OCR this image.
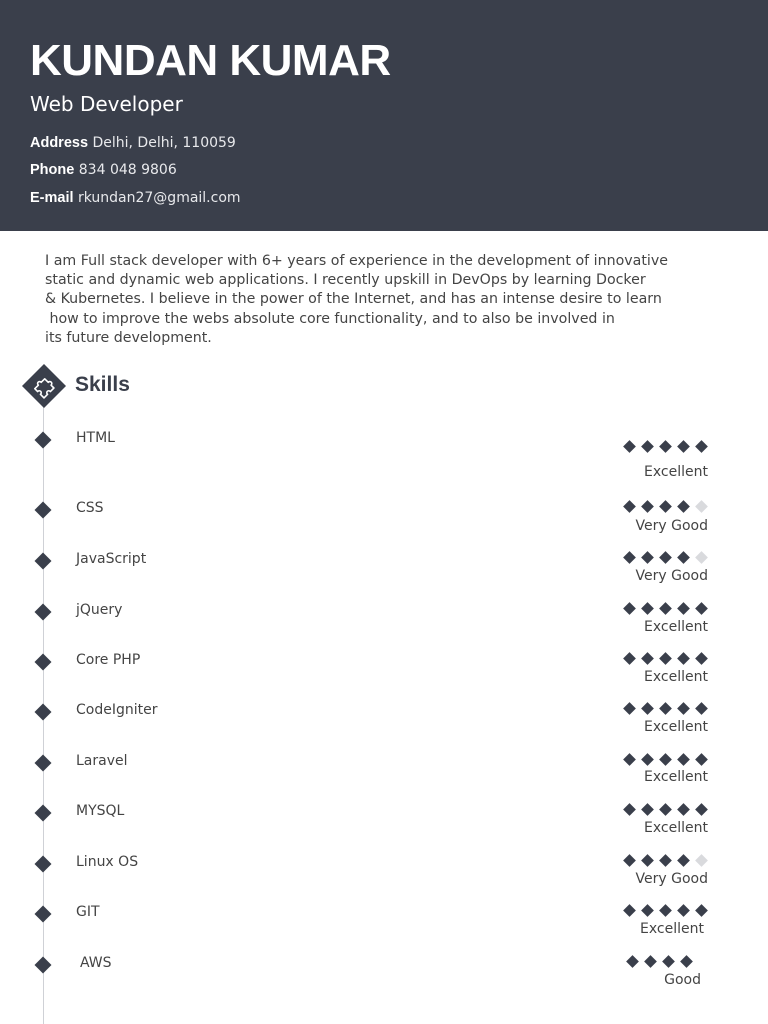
KUNDAN KUMAR
Web Developer
Address Delhi, Delhi, 110059
Phone 834 048 9806
E-mail rkundan27@gmail.com
I am Full stack developer with 6+ years of experience in the development of innovative
static and dynamic web applications. I recently upskill in DevOps by learning Docker
& Kubernetes. I believe in the power of the Internet, and has an intense desire to learn
how to improve the webs absolute core functionality, and to also be involved in
its future development.
Skills
HTML
Excellent
CSS
Very Good
JavaScript
Very Good
jQuery
Excellent
Core PHP
Excellent
CodeIgniter
Excellent
Laravel
Excellent
MYSQL
Excellent
Linux OS
Very Good
GIT
Excellent
AWS
Good
